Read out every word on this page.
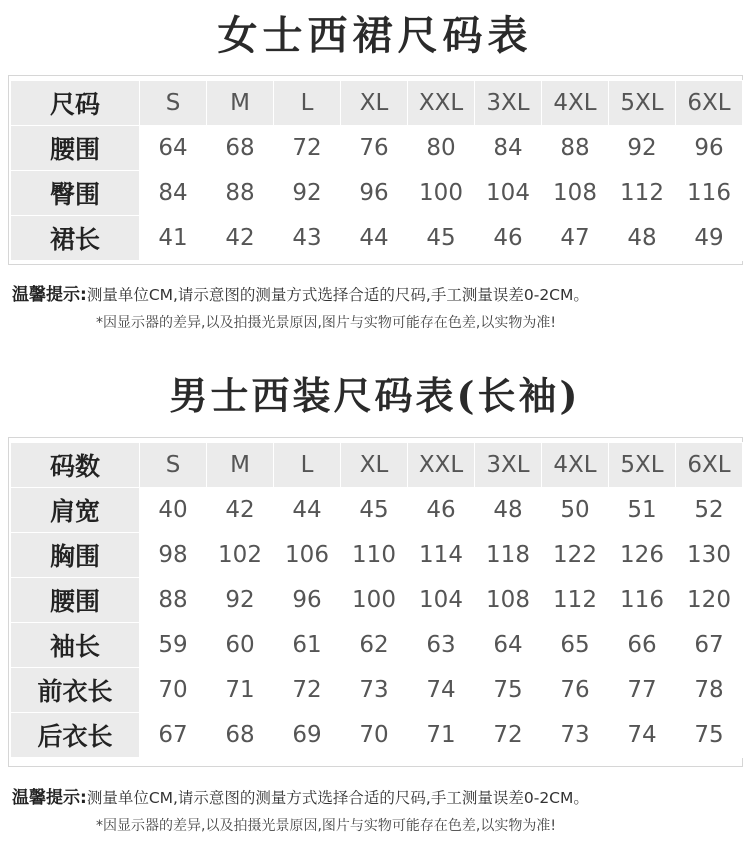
女士西裙尺码表
尺码	S	M	L	XL	XXL	3XL	4XL	5XL	6XL
腰围	64	68	72	76	80	84	88	92	96
臀围	84	88	92	96	100	104	108	112	116
裙长	41	42	43	44	45	46	47	48	49
温馨提示:测量单位CM,请示意图的测量方式选择合适的尺码,手工测量误差0-2CM。
*因显示器的差异,以及拍摄光景原因,图片与实物可能存在色差,以实物为准!
男士西装尺码表(长袖)
码数	S	M	L	XL	XXL	3XL	4XL	5XL	6XL
肩宽	40	42	44	45	46	48	50	51	52
胸围	98	102	106	110	114	118	122	126	130
腰围	88	92	96	100	104	108	112	116	120
袖长	59	60	61	62	63	64	65	66	67
前衣长	70	71	72	73	74	75	76	77	78
后衣长	67	68	69	70	71	72	73	74	75
温馨提示:测量单位CM,请示意图的测量方式选择合适的尺码,手工测量误差0-2CM。
*因显示器的差异,以及拍摄光景原因,图片与实物可能存在色差,以实物为准!
